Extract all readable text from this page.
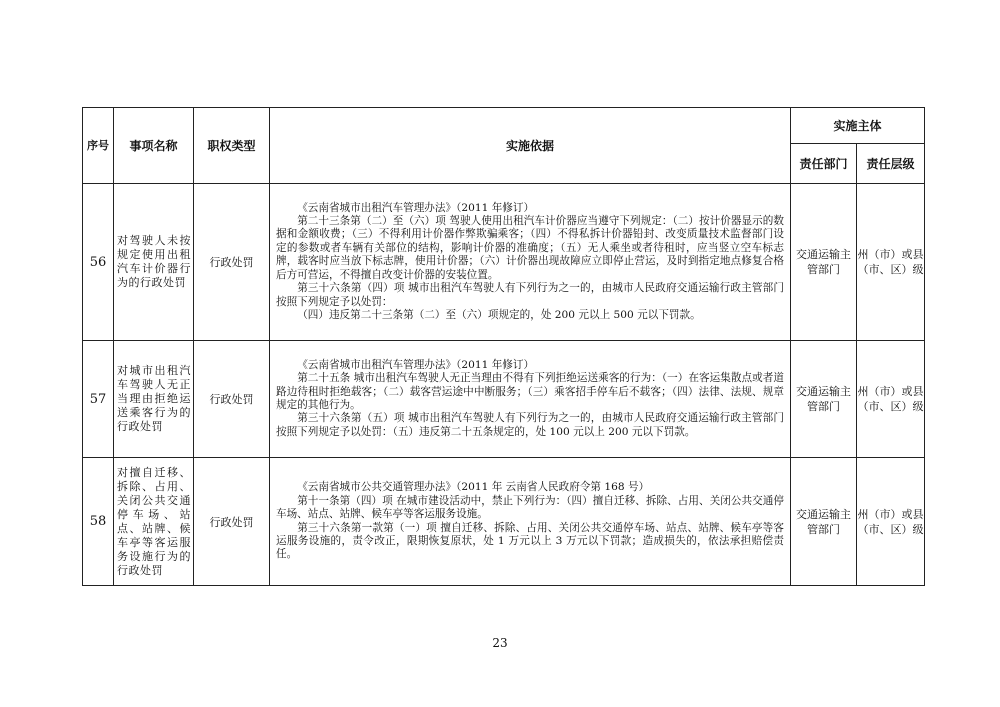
序号	事项名称	职权类型	实施依据	实施主体	
				责任部门	责任层级
56	对驾驶人未按规定使用出租汽车计价器行为的行政处罚	行政处罚	《云南省城市出租汽车管理办法》（2011 年修订）
第二十三条第（二）至（六）项 驾驶人使用出租汽车计价器应当遵守下列规定：（二）按计价器显示的数据和金额收费；（三）不得利用计价器作弊欺骗乘客；（四）不得私拆计价器铅封、改变质量技术监督部门设定的参数或者车辆有关部位的结构，影响计价器的准确度；（五）无人乘坐或者待租时，应当竖立空车标志牌，载客时应当放下标志牌，使用计价器；（六）计价器出现故障应立即停止营运，及时到指定地点修复合格后方可营运，不得擅自改变计价器的安装位置。
第三十六条第（四）项 城市出租汽车驾驶人有下列行为之一的，由城市人民政府交通运输行政主管部门按照下列规定予以处罚：
（四）违反第二十三条第（二）至（六）项规定的，处 200 元以上 500 元以下罚款。	交通运输主管部门	州（市）或县（市、区）级
57	对城市出租汽车驾驶人无正当理由拒绝运送乘客行为的行政处罚	行政处罚	《云南省城市出租汽车管理办法》（2011 年修订）
第二十五条 城市出租汽车驾驶人无正当理由不得有下列拒绝运送乘客的行为：（一）在客运集散点或者道路边待租时拒绝载客；（二）载客营运途中中断服务；（三）乘客招手停车后不载客；（四）法律、法规、规章规定的其他行为。
第三十六条第（五）项 城市出租汽车驾驶人有下列行为之一的，由城市人民政府交通运输行政主管部门按照下列规定予以处罚：（五）违反第二十五条规定的，处 100 元以上 200 元以下罚款。	交通运输主管部门	州（市）或县（市、区）级
58	对擅自迁移、拆除、占用、关闭公共交通停车场、站点、站牌、候车亭等客运服务设施行为的行政处罚	行政处罚	《云南省城市公共交通管理办法》（2011 年 云南省人民政府令第 168 号）
第十一条第（四）项 在城市建设活动中，禁止下列行为：（四）擅自迁移、拆除、占用、关闭公共交通停车场、站点、站牌、候车亭等客运服务设施。
第三十六条第一款第（一）项 擅自迁移、拆除、占用、关闭公共交通停车场、站点、站牌、候车亭等客运服务设施的，责令改正，限期恢复原状，处 1 万元以上 3 万元以下罚款；造成损失的，依法承担赔偿责任。	交通运输主管部门	州（市）或县（市、区）级
23
